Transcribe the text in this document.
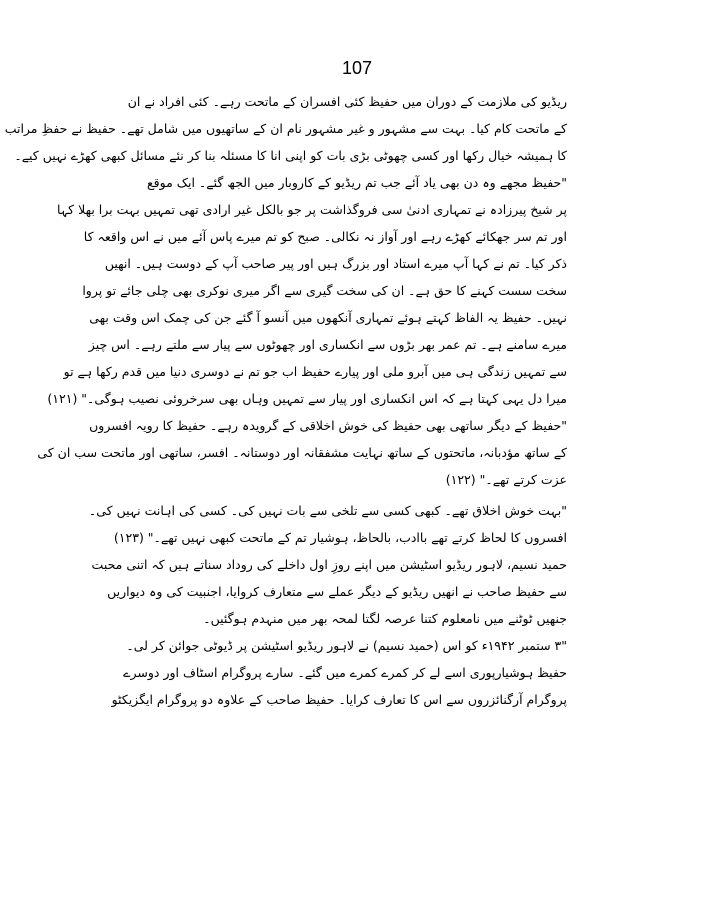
107
ریڈیو کی ملازمت کے دوران میں حفیظ کئی افسران کے ماتحت رہے۔ کئی افراد نے ان
کے ماتحت کام کیا۔ بہت سے مشہور و غیر مشہور نام ان کے ساتھیوں میں شامل تھے۔ حفیظ نے حفظِ مراتب
کا ہمیشہ خیال رکھا اور کسی چھوٹی بڑی بات کو اپنی انا کا مسئلہ بنا کر نئے مسائل کبھی کھڑے نہیں کیے۔
"حفیظ مجھے وہ دن بھی یاد آئے جب تم ریڈیو کے کاروبار میں الجھ گئے۔ ایک موقع
پر شیخ پیرزادہ نے تمہاری ادنیٰ سی فروگذاشت پر جو بالکل غیر ارادی تھی تمہیں بہت برا بھلا کہا
اور تم سر جھکائے کھڑے رہے اور آواز نہ نکالی۔ صبح کو تم میرے پاس آئے میں نے اس واقعہ کا
ذکر کیا۔ تم نے کہا آپ میرے استاد اور بزرگ ہیں اور پیر صاحب آپ کے دوست ہیں۔ انھیں
سخت سست کہنے کا حق ہے۔ ان کی سخت گیری سے اگر میری نوکری بھی چلی جائے تو پروا
نہیں۔ حفیظ یہ الفاظ کہتے ہوئے تمہاری آنکھوں میں آنسو آ گئے جن کی چمک اس وقت بھی
میرے سامنے ہے۔ تم عمر بھر بڑوں سے انکساری اور چھوٹوں سے پیار سے ملتے رہے۔ اس چیز
سے تمہیں زندگی ہی میں آبرو ملی اور پیارے حفیظ اب جو تم نے دوسری دنیا میں قدم رکھا ہے تو
میرا دل یہی کہتا ہے کہ اس انکساری اور پیار سے تمہیں وہاں بھی سرخروئی نصیب ہوگی۔" (۱۲۱)
"حفیظ کے دیگر ساتھی بھی حفیظ کی خوش اخلاقی کے گرویدہ رہے۔ حفیظ کا رویہ افسروں
کے ساتھ مؤدبانہ، ماتحتوں کے ساتھ نہایت مشفقانہ اور دوستانہ۔ افسر، ساتھی اور ماتحت سب ان کی
عزت کرتے تھے۔" (۱۲۲)
"بہت خوش اخلاق تھے۔ کبھی کسی سے تلخی سے بات نہیں کی۔ کسی کی اہانت نہیں کی۔
افسروں کا لحاظ کرتے تھے باادب، بالحاظ، ہوشیار تم کے ماتحت کبھی نہیں تھے۔" (۱۲۳)
حمید نسیم، لاہور ریڈیو اسٹیشن میں اپنے روزِ اول داخلے کی روداد سناتے ہیں کہ اتنی محبت
سے حفیظ صاحب نے انھیں ریڈیو کے دیگر عملے سے متعارف کروایا، اجنبیت کی وہ دیواریں
جنھیں ٹوٹنے میں نامعلوم کتنا عرصہ لگتا لمحہ بھر میں منہدم ہوگئیں۔
"۳ ستمبر ۱۹۴۲ء کو اس (حمید نسیم) نے لاہور ریڈیو اسٹیشن پر ڈیوٹی جوائن کر لی۔
حفیظ ہوشیارپوری اسے لے کر کمرے کمرے میں گئے۔ سارے پروگرام اسٹاف اور دوسرے
پروگرام آرگنائزروں سے اس کا تعارف کرایا۔ حفیظ صاحب کے علاوہ دو پروگرام ایگزیکٹو
